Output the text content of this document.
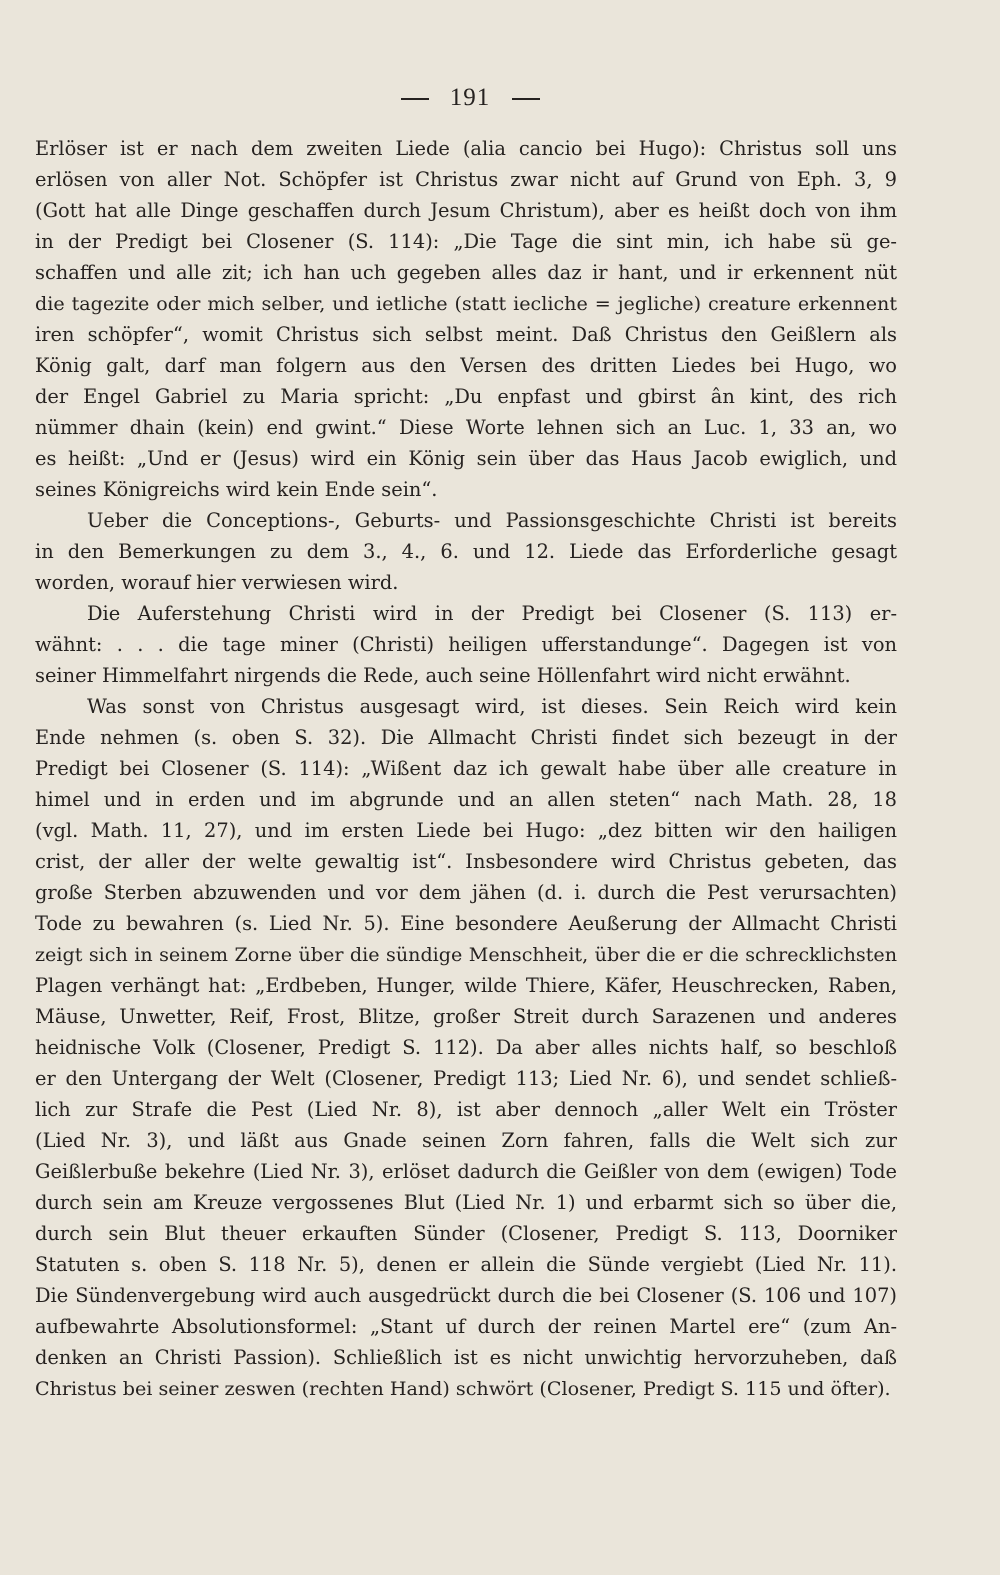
191
Erlöser ist er nach dem zweiten Liede (alia cancio bei Hugo): Christus soll uns
erlösen von aller Not. Schöpfer ist Christus zwar nicht auf Grund von Eph. 3, 9
(Gott hat alle Dinge geschaffen durch Jesum Christum), aber es heißt doch von ihm
in der Predigt bei Closener (S. 114): „Die Tage die sint min, ich habe sü ge-
schaffen und alle zit; ich han uch gegeben alles daz ir hant, und ir erkennent nüt
die tagezite oder mich selber, und ietliche (statt iecliche = jegliche) creature erkennent
iren schöpfer“, womit Christus sich selbst meint. Daß Christus den Geißlern als
König galt, darf man folgern aus den Versen des dritten Liedes bei Hugo, wo
der Engel Gabriel zu Maria spricht: „Du enpfast und gbirst ân kint, des rich
nümmer dhain (kein) end gwint.“ Diese Worte lehnen sich an Luc. 1, 33 an, wo
es heißt: „Und er (Jesus) wird ein König sein über das Haus Jacob ewiglich, und
seines Königreichs wird kein Ende sein“.
Ueber die Conceptions-, Geburts- und Passionsgeschichte Christi ist bereits
in den Bemerkungen zu dem 3., 4., 6. und 12. Liede das Erforderliche gesagt
worden, worauf hier verwiesen wird.
Die Auferstehung Christi wird in der Predigt bei Closener (S. 113) er-
wähnt: . . . die tage miner (Christi) heiligen ufferstandunge“. Dagegen ist von
seiner Himmelfahrt nirgends die Rede, auch seine Höllenfahrt wird nicht erwähnt.
Was sonst von Christus ausgesagt wird, ist dieses. Sein Reich wird kein
Ende nehmen (s. oben S. 32). Die Allmacht Christi findet sich bezeugt in der
Predigt bei Closener (S. 114): „Wißent daz ich gewalt habe über alle creature in
himel und in erden und im abgrunde und an allen steten“ nach Math. 28, 18
(vgl. Math. 11, 27), und im ersten Liede bei Hugo: „dez bitten wir den hailigen
crist, der aller der welte gewaltig ist“. Insbesondere wird Christus gebeten, das
große Sterben abzuwenden und vor dem jähen (d. i. durch die Pest verursachten)
Tode zu bewahren (s. Lied Nr. 5). Eine besondere Aeußerung der Allmacht Christi
zeigt sich in seinem Zorne über die sündige Menschheit, über die er die schrecklichsten
Plagen verhängt hat: „Erdbeben, Hunger, wilde Thiere, Käfer, Heuschrecken, Raben,
Mäuse, Unwetter, Reif, Frost, Blitze, großer Streit durch Sarazenen und anderes
heidnische Volk (Closener, Predigt S. 112). Da aber alles nichts half, so beschloß
er den Untergang der Welt (Closener, Predigt 113; Lied Nr. 6), und sendet schließ-
lich zur Strafe die Pest (Lied Nr. 8), ist aber dennoch „aller Welt ein Tröster
(Lied Nr. 3), und läßt aus Gnade seinen Zorn fahren, falls die Welt sich zur
Geißlerbuße bekehre (Lied Nr. 3), erlöset dadurch die Geißler von dem (ewigen) Tode
durch sein am Kreuze vergossenes Blut (Lied Nr. 1) und erbarmt sich so über die,
durch sein Blut theuer erkauften Sünder (Closener, Predigt S. 113, Doorniker
Statuten s. oben S. 118 Nr. 5), denen er allein die Sünde vergiebt (Lied Nr. 11).
Die Sündenvergebung wird auch ausgedrückt durch die bei Closener (S. 106 und 107)
aufbewahrte Absolutionsformel: „Stant uf durch der reinen Martel ere“ (zum An-
denken an Christi Passion). Schließlich ist es nicht unwichtig hervorzuheben, daß
Christus bei seiner zeswen (rechten Hand) schwört (Closener, Predigt S. 115 und öfter).
